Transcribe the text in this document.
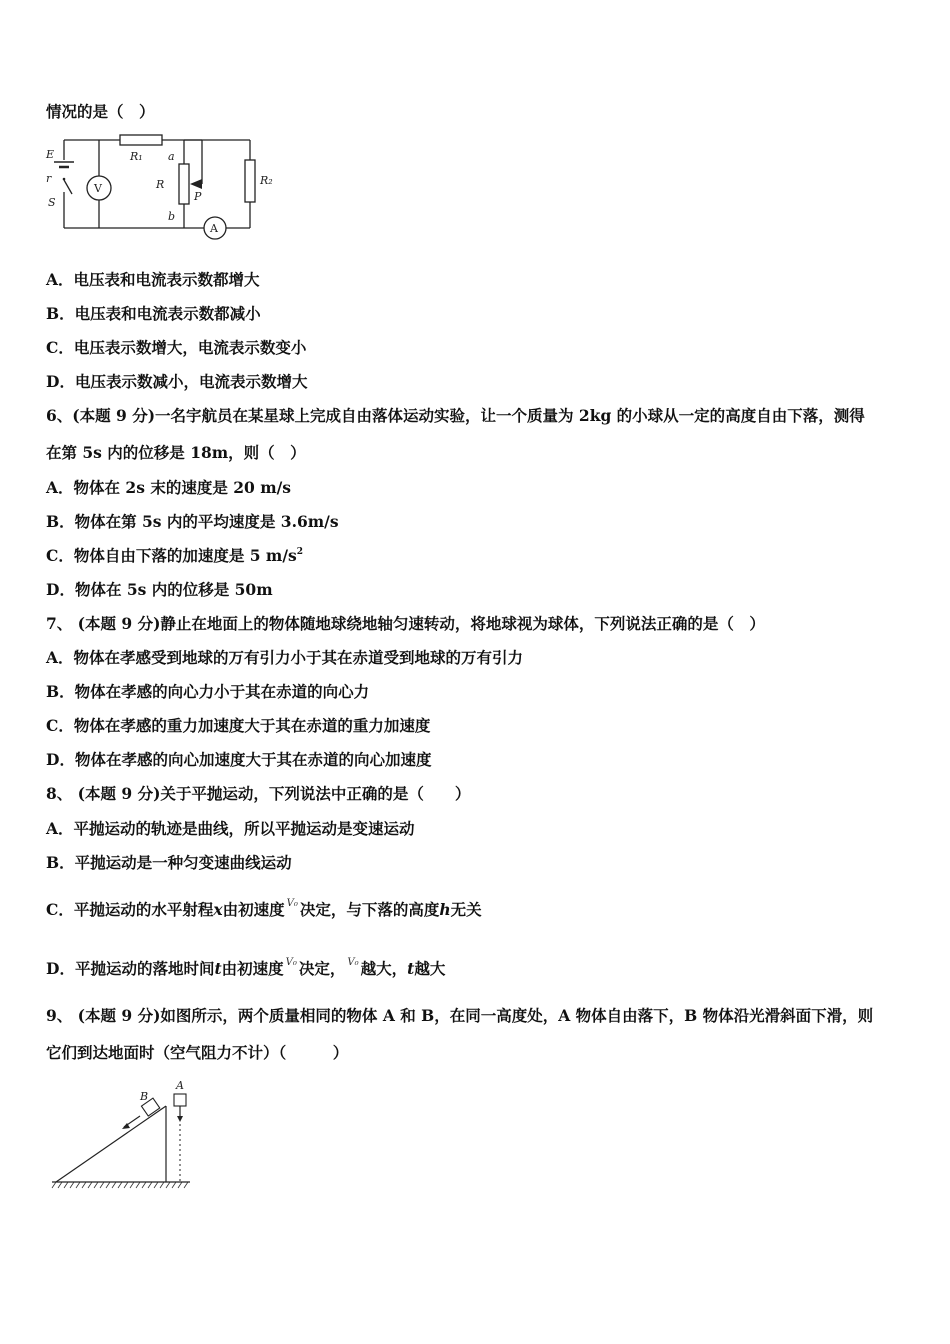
情况的是（　）
E
r
S
V
R₁ a
R
P
b
R₂
A
A．电压表和电流表示数都增大
B．电压表和电流表示数都减小
C．电压表示数增大，电流表示数变小
D．电压表示数减小，电流表示数增大
6、(本题 9 分)一名宇航员在某星球上完成自由落体运动实验，让一个质量为 2kg 的小球从一定的高度自由下落，测得
在第 5s 内的位移是 18m，则（　）
A．物体在 2s 末的速度是 20 m/s
B．物体在第 5s 内的平均速度是 3.6m/s
C．物体自由下落的加速度是 5 $m/s^2$
D．物体在 5s 内的位移是 50m
7、 (本题 9 分)静止在地面上的物体随地球绕地轴匀速转动，将地球视为球体，下列说法正确的是（　）
A．物体在孝感受到地球的万有引力小于其在赤道受到地球的万有引力
B．物体在孝感的向心力小于其在赤道的向心力
C．物体在孝感的重力加速度大于其在赤道的重力加速度
D．物体在孝感的向心加速度大于其在赤道的向心加速度
8、 (本题 9 分)关于平抛运动，下列说法中正确的是（　　）
A．平抛运动的轨迹是曲线，所以平抛运动是变速运动
B．平抛运动是一种匀变速曲线运动
C．平抛运动的水平射程x由初速度 $^{V_0}$ 决定，与下落的高度h无关
D．平抛运动的落地时间t由初速度 $^{V_0}$ 决定， $^{V_0}$ 越大，t越大
9、 (本题 9 分)如图所示，两个质量相同的物体 A 和 B，在同一高度处，A 物体自由落下，B 物体沿光滑斜面下滑，则
它们到达地面时（空气阻力不计）（　　　）
B
A
